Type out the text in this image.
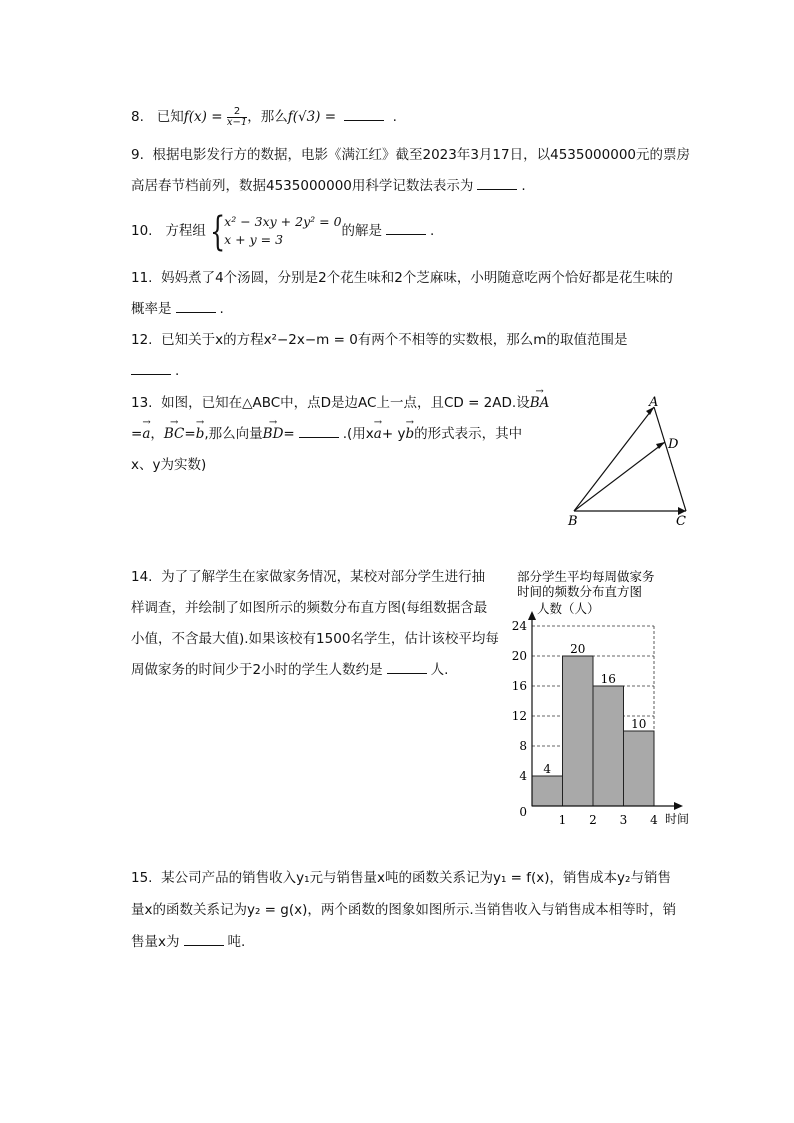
8. 已知$f(x) = \frac{2}{x-1}$ ，那么f(√3) =	.
9. 根据电影发行方的数据，电影《满江红》截至2023年3月17日，以4535000000元的票房
高居春节档前列，数据4535000000用科学记数法表示为	.
10. 方程组 {
x² − 3xy + 2y² = 0
x + y = 3
的解是	.
11. 妈妈煮了4个汤圆，分别是2个花生味和2个芝麻味，小明随意吃两个恰好都是花生味的
概率是	.
12. 已知关于x的方程x²−2x−m = 0有两个不相等的实数根，那么m的取值范围是
.
13. 如图，已知在△ABC中，点D是边AC上一点，且CD = 2AD.设→ BA
=→ a，→ BC=→ b,那么向量→ BD=	.(用x→ a+ y→ b的形式表示，其中
x、y为实数)
A
D
B	C
14. 为了了解学生在家做家务情况，某校对部分学生进行抽
样调查，并绘制了如图所示的频数分布直方图(每组数据含最
小值，不含最大值).如果该校有1500名学生，估计该校平均每
周做家务的时间少于2小时的学生人数约是	人.
部分学生平均每周做家务
时间的频数分布直方图
人数（人）
时间
4
20
16
10
24
20
16
12
8
4
0
1 2 3 4
15. 某公司产品的销售收入y₁元与销售量x吨的函数关系记为y₁ = f(x)，销售成本y₂与销售
量x的函数关系记为y₂ = g(x)，两个函数的图象如图所示.当销售收入与销售成本相等时，销
售量x为	吨.
